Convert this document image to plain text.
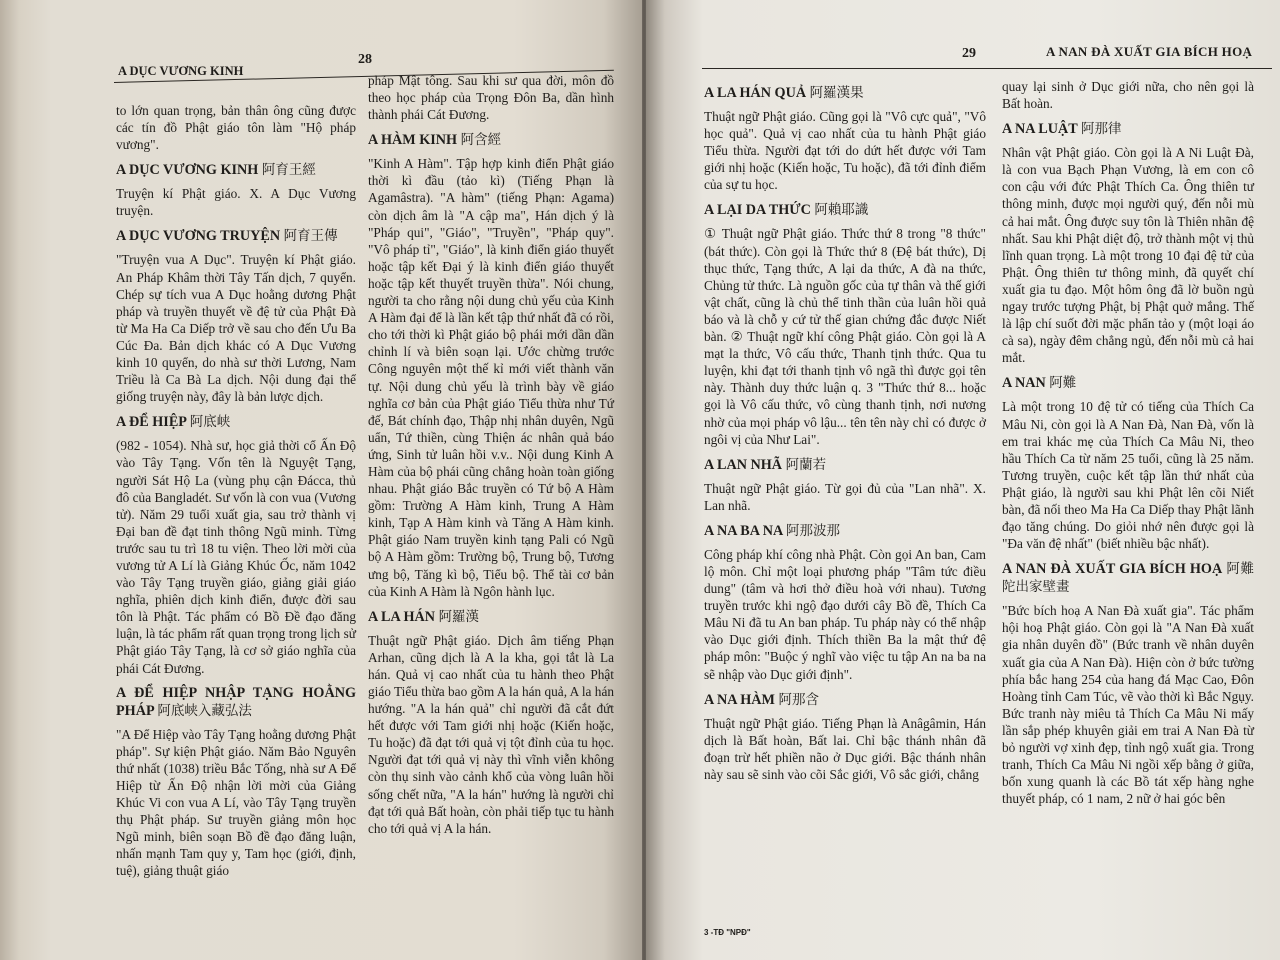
A DỤC VƯƠNG KINH
28

to lớn quan trọng, bản thân ông cũng được các tín đồ Phật giáo tôn làm "Hộ pháp vương".

A DỤC VƯƠNG KINH 阿育王經

Truyện kí Phật giáo. X. A Dục Vương truyện.

A DỤC VƯƠNG TRUYỆN 阿育王傳

"Truyện vua A Dục". Truyện kí Phật giáo. An Pháp Khâm thời Tây Tấn dịch, 7 quyển. Chép sự tích vua A Dục hoằng dương Phật pháp và truyền thuyết về đệ tử của Phật Đà từ Ma Ha Ca Diếp trở về sau cho đến Ưu Ba Cúc Đa. Bản dịch khác có A Dục Vương kinh 10 quyển, do nhà sư thời Lương, Nam Triều là Ca Bà La dịch. Nội dung đại thể giống truyện này, đây là bản lược dịch.

A ĐỂ HIỆP 阿底峡

(982 - 1054). Nhà sư, học giả thời cổ Ấn Độ vào Tây Tạng. Vốn tên là Nguyệt Tạng, người Sát Hộ La (vùng phụ cận Đácca, thủ đô của Bangladét. Sư vốn là con vua (Vương tử). Năm 29 tuổi xuất gia, sau trở thành vị Đại ban đề đạt tinh thông Ngũ minh. Từng trước sau tu trì 18 tu viện. Theo lời mời của vương tử A Lí là Giảng Khúc Ốc, năm 1042 vào Tây Tạng truyền giáo, giảng giải giáo nghĩa, phiên dịch kinh điển, được đời sau tôn là Phật. Tác phẩm có Bồ Đề đạo đăng luận, là tác phẩm rất quan trọng trong lịch sử Phật giáo Tây Tạng, là cơ sở giáo nghĩa của phái Cát Đương.

A ĐỂ HIỆP NHẬP TẠNG HOẰNG PHÁP 阿底峡入藏弘法

"A Để Hiệp vào Tây Tạng hoằng dương Phật pháp". Sự kiện Phật giáo. Năm Bảo Nguyên thứ nhất (1038) triều Bắc Tống, nhà sư A Để Hiệp từ Ấn Độ nhận lời mời của Giảng Khúc Vi con vua A Lí, vào Tây Tạng truyền thụ Phật pháp. Sư truyền giảng môn học Ngũ minh, biên soạn Bồ đề đạo đăng luận, nhấn mạnh Tam quy y, Tam học (giới, định, tuệ), giảng thuật giáo

pháp Mật tông. Sau khi sư qua đời, môn đồ theo học pháp của Trọng Đôn Ba, dần hình thành phái Cát Đương.

A HÀM KINH 阿含經

"Kinh A Hàm". Tập hợp kinh điển Phật giáo thời kì đầu (tảo kì) (Tiếng Phạn là Agamâstra). "A hàm" (tiếng Phạn: Agama) còn dịch âm là "A cập ma", Hán dịch ý là "Pháp qui", "Giáo", "Truyền", "Pháp quy". "Vô pháp tỉ", "Giáo", là kinh điển giáo thuyết hoặc tập kết Đại ý là kinh điển giáo thuyết hoặc tập kết thuyết truyền thừa". Nói chung, người ta cho rằng nội dung chủ yếu của Kinh A Hàm đại để là lần kết tập thứ nhất đã có rồi, cho tới thời kì Phật giáo bộ phái mới dần dần chỉnh lí và biên soạn lại. Ước chừng trước Công nguyên một thế kỉ mới viết thành văn tự. Nội dung chủ yếu là trình bày về giáo nghĩa cơ bản của Phật giáo Tiểu thừa như Tứ đế, Bát chính đạo, Thập nhị nhân duyên, Ngũ uẩn, Tứ thiền, cùng Thiện ác nhân quả báo ứng, Sinh tử luân hồi v.v.. Nội dung Kinh A Hàm của bộ phái cũng chẳng hoàn toàn giống nhau. Phật giáo Bắc truyền có Tứ bộ A Hàm gồm: Trường A Hàm kinh, Trung A Hàm kinh, Tạp A Hàm kinh và Tăng A Hàm kinh. Phật giáo Nam truyền kinh tạng Pali có Ngũ bộ A Hàm gồm: Trường bộ, Trung bộ, Tương ưng bộ, Tăng kì bộ, Tiểu bộ. Thể tài cơ bản của Kinh A Hàm là Ngôn hành lục.

A LA HÁN 阿羅漢

Thuật ngữ Phật giáo. Dịch âm tiếng Phạn Arhan, cũng dịch là A la kha, gọi tắt là La hán. Quả vị cao nhất của tu hành theo Phật giáo Tiểu thừa bao gồm A la hán quả, A la hán hướng. "A la hán quả" chỉ người đã cắt đứt hết được với Tam giới nhị hoặc (Kiến hoặc, Tu hoặc) đã đạt tới quả vị tột đỉnh của tu học. Người đạt tới quả vị này thì vĩnh viễn không còn thụ sinh vào cảnh khổ của vòng luân hồi sống chết nữa, "A la hán" hướng là người chỉ đạt tới quả Bất hoàn, còn phải tiếp tục tu hành cho tới quả vị A la hán.

29	A NAN ĐÀ XUẤT GIA BÍCH HOẠ
A LA HÁN QUẢ 阿羅漢果

Thuật ngữ Phật giáo. Cũng gọi là "Vô cực quả", "Vô học quả". Quả vị cao nhất của tu hành Phật giáo Tiểu thừa. Người đạt tới do dứt hết được với Tam giới nhị hoặc (Kiến hoặc, Tu hoặc), đã tới đỉnh điểm của sự tu học.

A LẠI DA THỨC 阿賴耶識

① Thuật ngữ Phật giáo. Thức thứ 8 trong "8 thức" (bát thức). Còn gọi là Thức thứ 8 (Đệ bát thức), Dị thục thức, Tạng thức, A lại da thức, A đà na thức, Chủng tử thức. Là nguồn gốc của tự thân và thế giới vật chất, cũng là chủ thể tinh thần của luân hồi quả báo và là chỗ y cứ tử thế gian chứng đắc được Niết bàn. ② Thuật ngữ khí công Phật giáo. Còn gọi là A mạt la thức, Vô cấu thức, Thanh tịnh thức. Qua tu luyện, khi đạt tới thanh tịnh vô ngã thì được gọi tên này. Thành duy thức luận q. 3 "Thức thứ 8... hoặc gọi là Vô cấu thức, vô cùng thanh tịnh, nơi nương nhờ của mọi pháp vô lậu... tên tên này chỉ có được ở ngôi vị của Như Lai".

A LAN NHÃ 阿蘭若

Thuật ngữ Phật giáo. Từ gọi đủ của "Lan nhã". X. Lan nhã.

A NA BA NA 阿那波那

Công pháp khí công nhà Phật. Còn gọi An ban, Cam lộ môn. Chỉ một loại phương pháp "Tâm tức điều dung" (tâm và hơi thở điều hoà với nhau). Tương truyền trước khi ngộ đạo dưới cây Bồ đề, Thích Ca Mâu Ni đã tu An ban pháp. Tu pháp này có thể nhập vào Dục giới định. Thích thiền Ba la mật thứ đệ pháp môn: "Buộc ý nghĩ vào việc tu tập An na ba na sẽ nhập vào Dục giới định".

A NA HÀM 阿那含

Thuật ngữ Phật giáo. Tiếng Phạn là Anâgâmin, Hán dịch là Bất hoàn, Bất lai. Chỉ bậc thánh nhân đã đoạn trừ hết phiền não ở Dục giới. Bậc thánh nhân này sau sẽ sinh vào cõi Sắc giới, Vô sắc giới, chẳng

quay lại sinh ở Dục giới nữa, cho nên gọi là Bất hoàn.

A NA LUẬT 阿那律

Nhân vật Phật giáo. Còn gọi là A Ni Luật Đà, là con vua Bạch Phạn Vương, là em con cô con cậu với đức Phật Thích Ca. Ông thiên tư thông minh, được mọi người quý, đến nỗi mù cả hai mắt. Ông được suy tôn là Thiên nhãn đệ nhất. Sau khi Phật diệt độ, trở thành một vị thủ lĩnh quan trọng. Là một trong 10 đại đệ tử của Phật. Ông thiên tư thông minh, đã quyết chí xuất gia tu đạo. Một hôm ông đã lờ buồn ngủ ngay trước tượng Phật, bị Phật quở mắng. Thế là lập chí suốt đời mặc phẩn tảo y (một loại áo cà sa), ngày đêm chẳng ngủ, đến nỗi mù cả hai mắt.

A NAN 阿難

Là một trong 10 đệ tử có tiếng của Thích Ca Mâu Ni, còn gọi là A Nan Đà, Nan Đà, vốn là em trai khác mẹ của Thích Ca Mâu Ni, theo hầu Thích Ca từ năm 25 tuổi, cũng là 25 năm. Tương truyền, cuộc kết tập lần thứ nhất của Phật giáo, là người sau khi Phật lên cõi Niết bàn, đã nối theo Ma Ha Ca Diếp thay Phật lãnh đạo tăng chúng. Do giỏi nhớ nên được gọi là "Đa văn đệ nhất" (biết nhiều bậc nhất).

A NAN ĐÀ XUẤT GIA BÍCH HOẠ 阿難陀出家壁畫

"Bức bích hoạ A Nan Đà xuất gia". Tác phẩm hội hoạ Phật giáo. Còn gọi là "A Nan Đà xuất gia nhân duyên đồ" (Bức tranh về nhân duyên xuất gia của A Nan Đà). Hiện còn ở bức tường phía bắc hang 254 của hang đá Mạc Cao, Đôn Hoàng tỉnh Cam Túc, vẽ vào thời kì Bắc Ngụy. Bức tranh này miêu tả Thích Ca Mâu Ni mấy lần sắp phép khuyên giải em trai A Nan Đà từ bỏ người vợ xinh đẹp, tỉnh ngộ xuất gia. Trong tranh, Thích Ca Mâu Ni ngồi xếp bằng ở giữa, bốn xung quanh là các Bồ tát xếp hàng nghe thuyết pháp, có 1 nam, 2 nữ ở hai góc bên

3 -TĐ "NPĐ"
